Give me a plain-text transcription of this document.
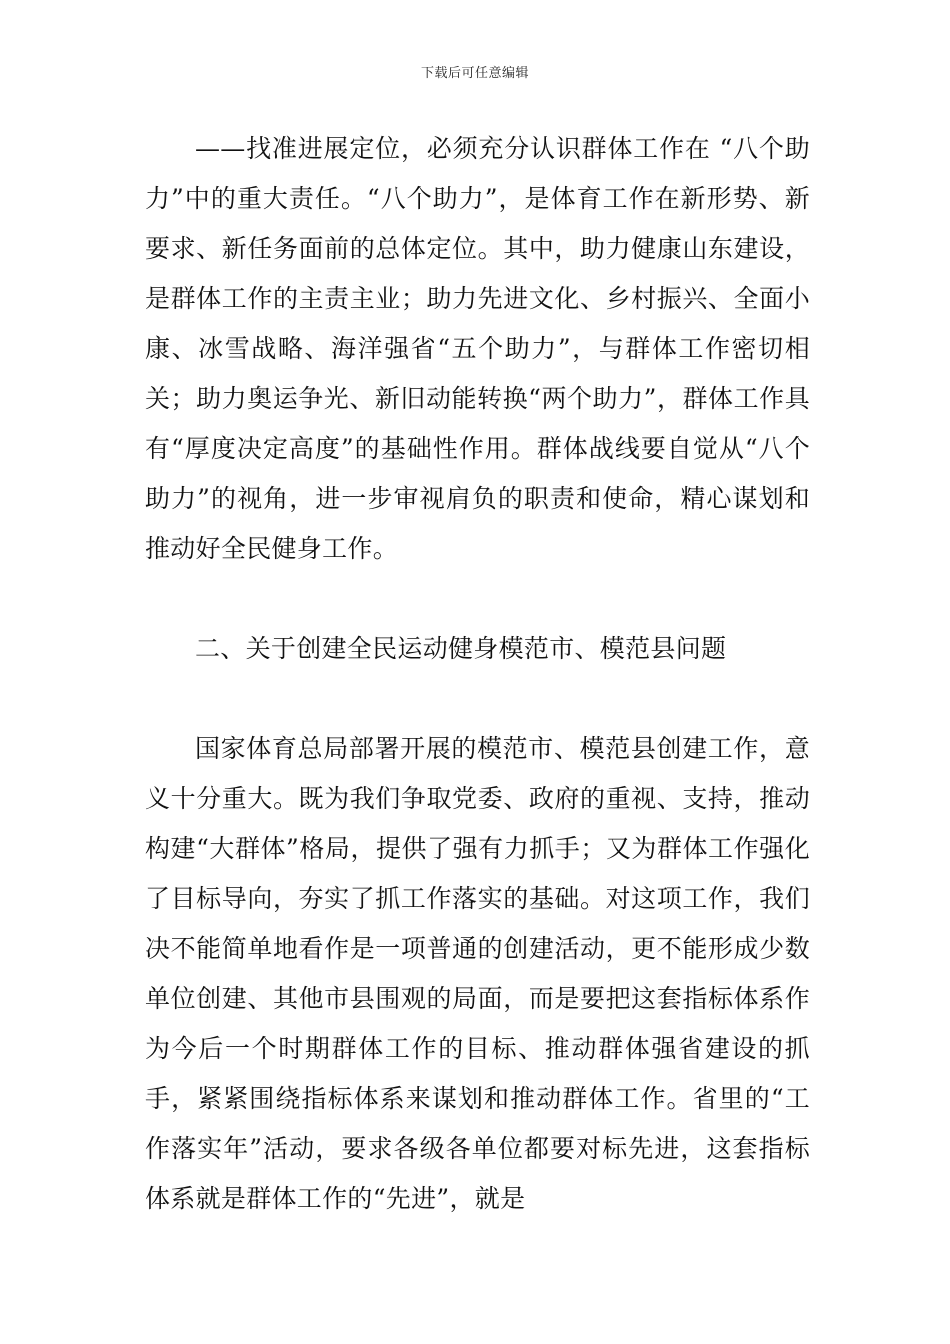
下载后可任意编辑

——找准进展定位，必须充分认识群体工作在 “八个助力”中的重大责任。“八个助力”，是体育工作在新形势、新要求、新任务面前的总体定位。其中，助力健康山东建设，是群体工作的主责主业；助力先进文化、乡村振兴、全面小康、冰雪战略、海洋强省“五个助力”，与群体工作密切相关；助力奥运争光、新旧动能转换“两个助力”，群体工作具有“厚度决定高度”的基础性作用。群体战线要自觉从“八个助力”的视角，进一步审视肩负的职责和使命，精心谋划和推动好全民健身工作。

二、关于创建全民运动健身模范市、模范县问题

国家体育总局部署开展的模范市、模范县创建工作，意义十分重大。既为我们争取党委、政府的重视、支持，推动构建“大群体”格局，提供了强有力抓手；又为群体工作强化了目标导向，夯实了抓工作落实的基础。对这项工作，我们决不能简单地看作是一项普通的创建活动，更不能形成少数单位创建、其他市县围观的局面，而是要把这套指标体系作为今后一个时期群体工作的目标、推动群体强省建设的抓手，紧紧围绕指标体系来谋划和推动群体工作。省里的“工作落实年”活动，要求各级各单位都要对标先进，这套指标体系就是群体工作的“先进”，就是
